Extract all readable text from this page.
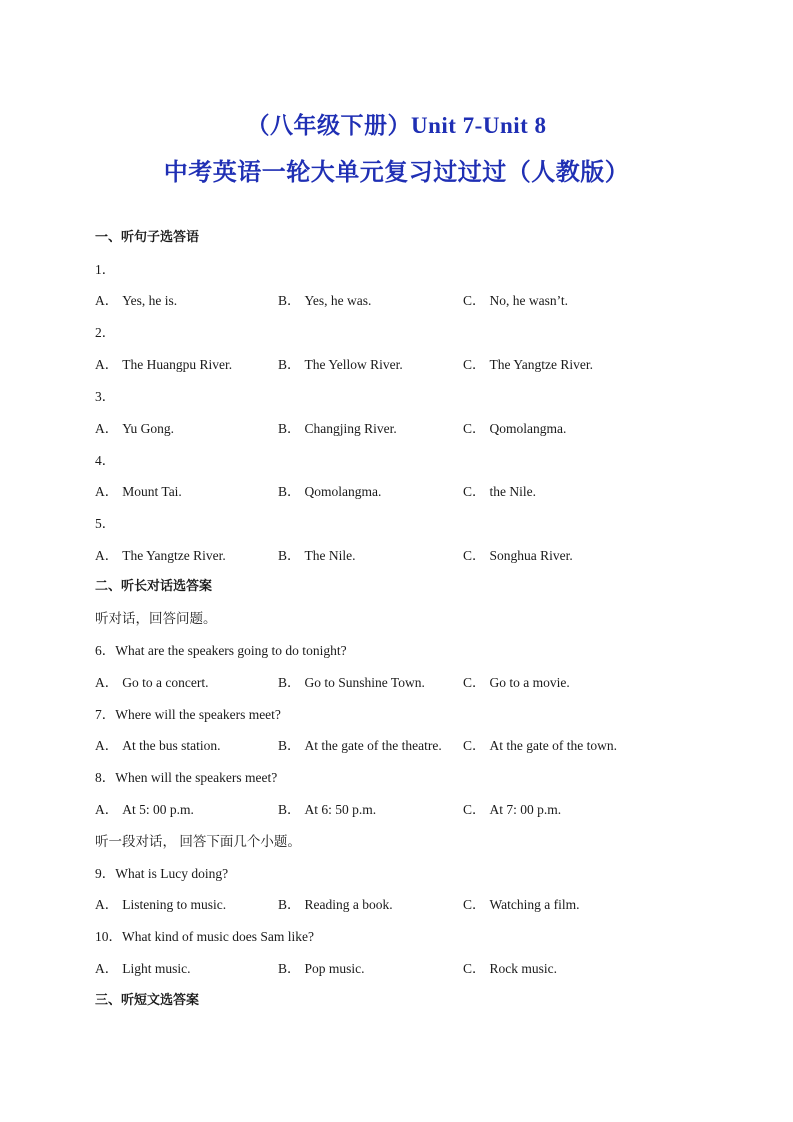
（八年级下册）Unit 7-Unit 8
中考英语一轮大单元复习过过过（人教版）
一、听句子选答语
1．
A． Yes, he is.	B． Yes, he was.	C． No, he wasn’t.
2．
A． The Huangpu River.	B． The Yellow River.	C． The Yangtze River.
3．
A． Yu Gong.	B． Changjing River.	C． Qomolangma.
4．
A． Mount Tai.	B． Qomolangma.	C． the Nile.
5．
A． The Yangtze River.	B． The Nile.	C． Songhua River.
二、听长对话选答案
听对话，回答问题。
6．What are the speakers going to do tonight?
A． Go to a concert.	B． Go to Sunshine Town.	C． Go to a movie.
7．Where will the speakers meet?
A． At the bus station.	B． At the gate of the theatre. C． At the gate of the town.
8．When will the speakers meet?
A． At 5: 00 p.m.	B． At 6: 50 p.m.	C． At 7: 00 p.m.
听一段对话， 回答下面几个小题。
9．What is Lucy doing?
A． Listening to music.	B． Reading a book.	C． Watching a film.
10．What kind of music does Sam like?
A． Light music.	B． Pop music.	C． Rock music.
三、听短文选答案
